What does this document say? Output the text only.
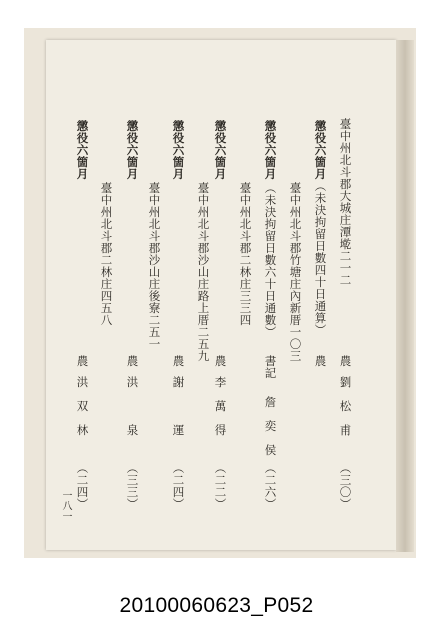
懲役六箇月 臺中州北斗郡大城庄潭墘二一二
農
劉　松　甫
（三〇）
（未決拘留日數四十日通算）
臺中州北斗郡竹塘庄內新厝一〇三 農
懲役六箇月
（未決拘留日數六十日通數）
書記
詹　奕　侯
（二六）
懲役六箇月
臺中州北斗郡二林庄三三四
農
李　萬　得
（二二）
懲役六箇月
臺中州北斗郡沙山庄路上厝二五九
農
謝　　　運
（二四）
懲役六箇月
臺中州北斗郡沙山庄後寮二五一
農
洪　　　泉
（三三）
懲役六箇月
臺中州北斗郡二林庄四五八
農
洪　双　林
（二四）
一八一
20100060623_P052
